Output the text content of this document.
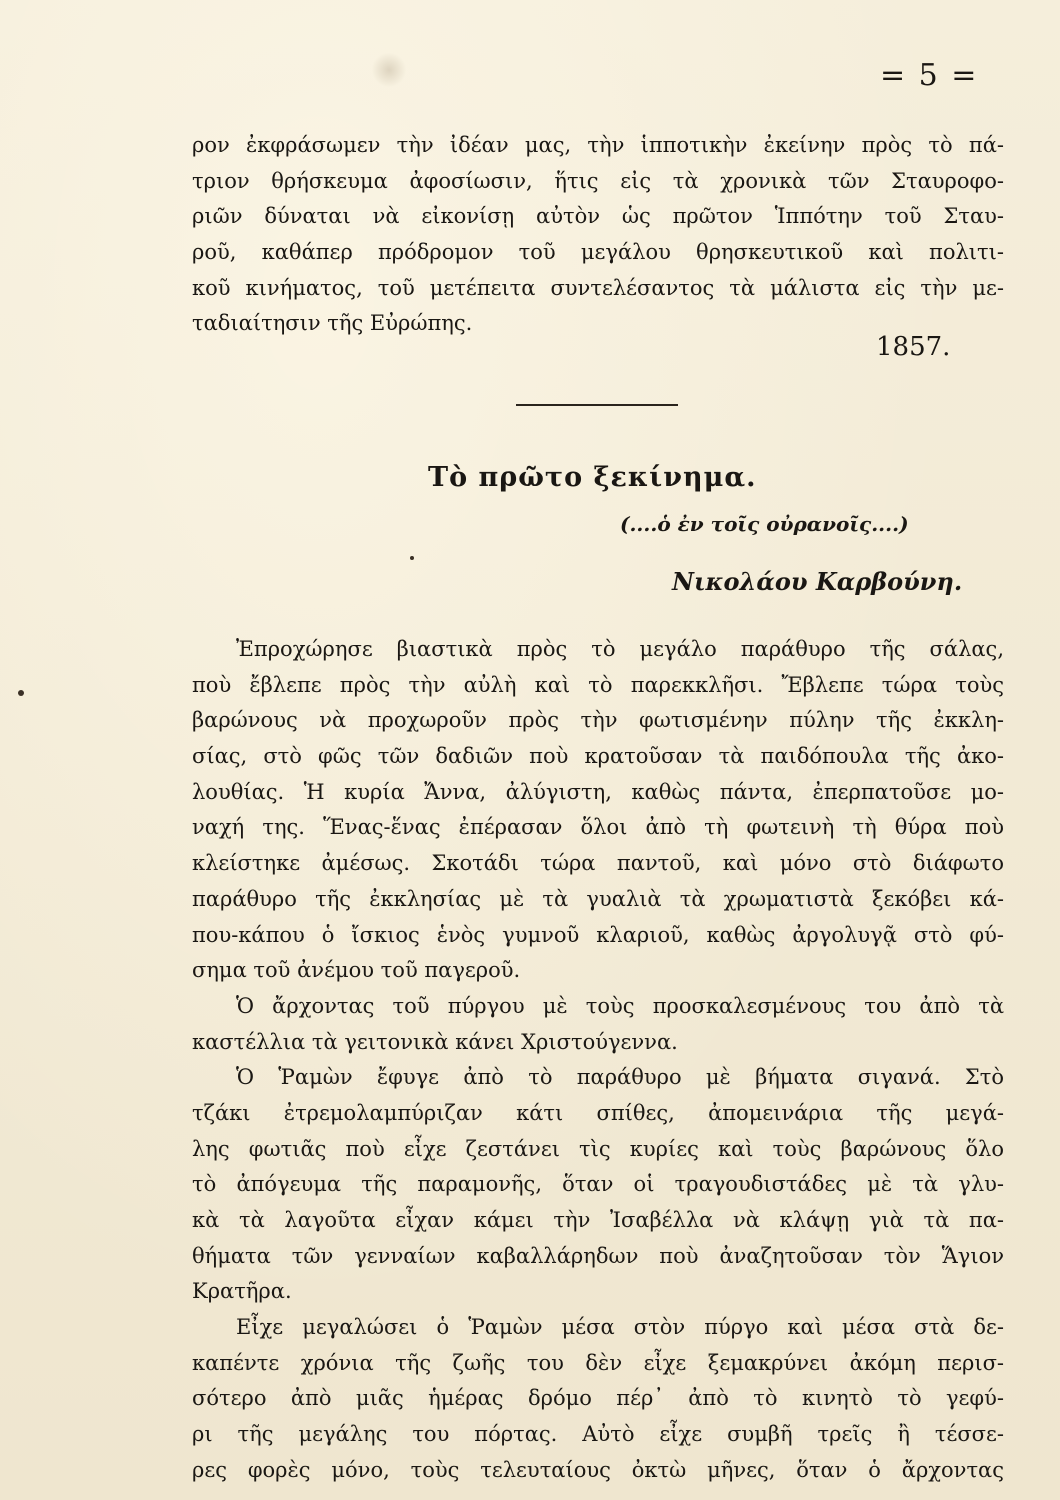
= 5 =
ρον ἐκφράσωμεν τὴν ἰδέαν μας, τὴν ἱπποτικὴν ἐκείνην πρὸς τὸ πά-
τριον θρήσκευμα ἀφοσίωσιν, ἥτις εἰς τὰ χρονικὰ τῶν Σταυροφο-
ριῶν δύναται νὰ εἰκονίσῃ αὐτὸν ὡς πρῶτον Ἱππότην τοῦ Σταυ-
ροῦ, καθάπερ πρόδρομον τοῦ μεγάλου θρησκευτικοῦ καὶ πολιτι-
κοῦ κινήματος, τοῦ μετέπειτα συντελέσαντος τὰ μάλιστα εἰς τὴν με-
ταδιαίτησιν τῆς Εὐρώπης.
1857.
Τὸ πρῶτο ξεκίνημα.
(....ὁ ἐν τοῖς οὐρανοῖς....)
Νικολάου Καρβούνη.
Ἐπροχώρησε βιαστικὰ πρὸς τὸ μεγάλο παράθυρο τῆς σάλας,
ποὺ ἔβλεπε πρὸς τὴν αὐλὴ καὶ τὸ παρεκκλῆσι. Ἔβλεπε τώρα τοὺς
βαρώνους νὰ προχωροῦν πρὸς τὴν φωτισμένην πύλην τῆς ἐκκλη-
σίας, στὸ φῶς τῶν δαδιῶν ποὺ κρατοῦσαν τὰ παιδόπουλα τῆς ἀκο-
λουθίας. Ἡ κυρία Ἄννα, ἀλύγιστη, καθὼς πάντα, ἐπερπατοῦσε μο-
ναχή της. Ἕνας-ἕνας ἐπέρασαν ὅλοι ἀπὸ τὴ φωτεινὴ τὴ θύρα ποὺ
κλείστηκε ἀμέσως. Σκοτάδι τώρα παντοῦ, καὶ μόνο στὸ διάφωτο
παράθυρο τῆς ἐκκλησίας μὲ τὰ γυαλιὰ τὰ χρωματιστὰ ξεκόβει κά-
που-κάπου ὁ ἴσκιος ἑνὸς γυμνοῦ κλαριοῦ, καθὼς ἀργολυγᾷ στὸ φύ-
σημα τοῦ ἀνέμου τοῦ παγεροῦ.
Ὁ ἄρχοντας τοῦ πύργου μὲ τοὺς προσκαλεσμένους του ἀπὸ τὰ
καστέλλια τὰ γειτονικὰ κάνει Χριστούγεννα.
Ὁ Ῥαμὼν ἔφυγε ἀπὸ τὸ παράθυρο μὲ βήματα σιγανά. Στὸ
τζάκι ἐτρεμολαμπύριζαν κάτι σπίθες, ἀπομεινάρια τῆς μεγά-
λης φωτιᾶς ποὺ εἶχε ζεστάνει τὶς κυρίες καὶ τοὺς βαρώνους ὅλο
τὸ ἀπόγευμα τῆς παραμονῆς, ὅταν οἱ τραγουδιστάδες μὲ τὰ γλυ-
κὰ τὰ λαγοῦτα εἶχαν κάμει τὴν Ἰσαβέλλα νὰ κλάψῃ γιὰ τὰ πα-
θήματα τῶν γενναίων καβαλλάρηδων ποὺ ἀναζητοῦσαν τὸν Ἅγιον
Κρατῆρα.
Εἶχε μεγαλώσει ὁ Ῥαμὼν μέσα στὸν πύργο καὶ μέσα στὰ δε-
καπέντε χρόνια τῆς ζωῆς του δὲν εἶχε ξεμακρύνει ἀκόμη περισ-
σότερο ἀπὸ μιᾶς ἡμέρας δρόμο πέρ᾽ ἀπὸ τὸ κινητὸ τὸ γεφύ-
ρι τῆς μεγάλης του πόρτας. Αὐτὸ εἶχε συμβῆ τρεῖς ἢ τέσσε-
ρες φορὲς μόνο, τοὺς τελευταίους ὀκτὼ μῆνες, ὅταν ὁ ἄρχοντας
